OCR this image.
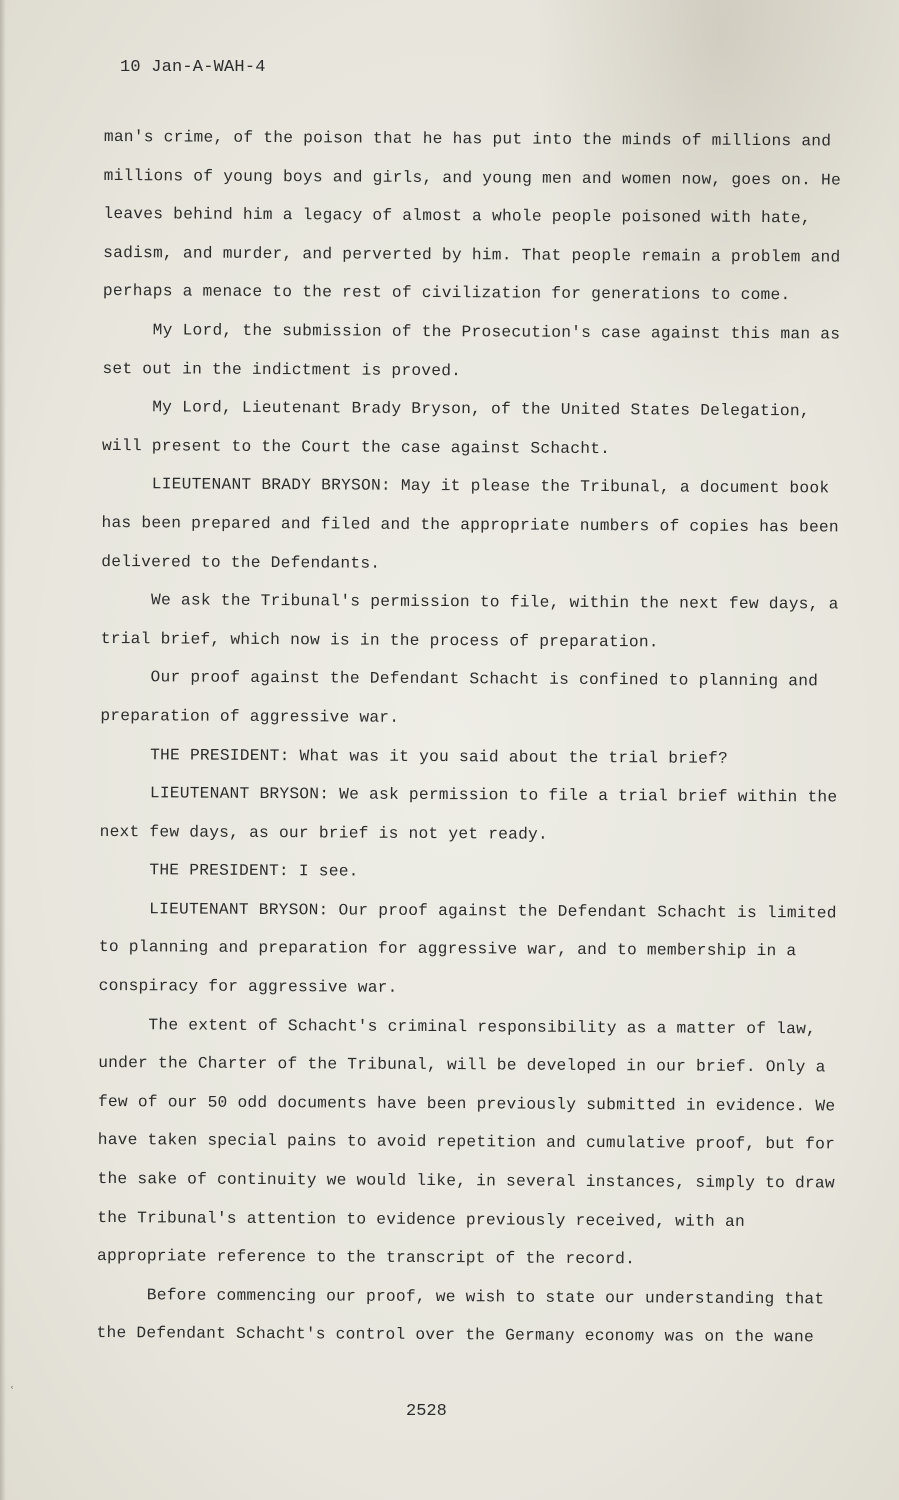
10 Jan-A-WAH-4

man's crime, of the poison that he has put into the minds of millions and millions of young boys and girls, and young men and women now, goes on. He leaves behind him a legacy of almost a whole people poisoned with hate, sadism, and murder, and perverted by him. That people remain a problem and perhaps a menace to the rest of civilization for generations to come.

My Lord, the submission of the Prosecution's case against this man as set out in the indictment is proved.

My Lord, Lieutenant Brady Bryson, of the United States Delegation, will present to the Court the case against Schacht.

LIEUTENANT BRADY BRYSON: May it please the Tribunal, a document book has been prepared and filed and the appropriate numbers of copies has been delivered to the Defendants.

We ask the Tribunal's permission to file, within the next few days, a trial brief, which now is in the process of preparation.

Our proof against the Defendant Schacht is confined to planning and preparation of aggressive war.

THE PRESIDENT: What was it you said about the trial brief?

LIEUTENANT BRYSON: We ask permission to file a trial brief within the next few days, as our brief is not yet ready.

THE PRESIDENT: I see.

LIEUTENANT BRYSON: Our proof against the Defendant Schacht is limited to planning and preparation for aggressive war, and to membership in a conspiracy for aggressive war.

The extent of Schacht's criminal responsibility as a matter of law, under the Charter of the Tribunal, will be developed in our brief. Only a few of our 50 odd documents have been previously submitted in evidence. We have taken special pains to avoid repetition and cumulative proof, but for the sake of continuity we would like, in several instances, simply to draw the Tribunal's attention to evidence previously received, with an appropriate reference to the transcript of the record.

Before commencing our proof, we wish to state our understanding that the Defendant Schacht's control over the Germany economy was on the wane

˓
2528
